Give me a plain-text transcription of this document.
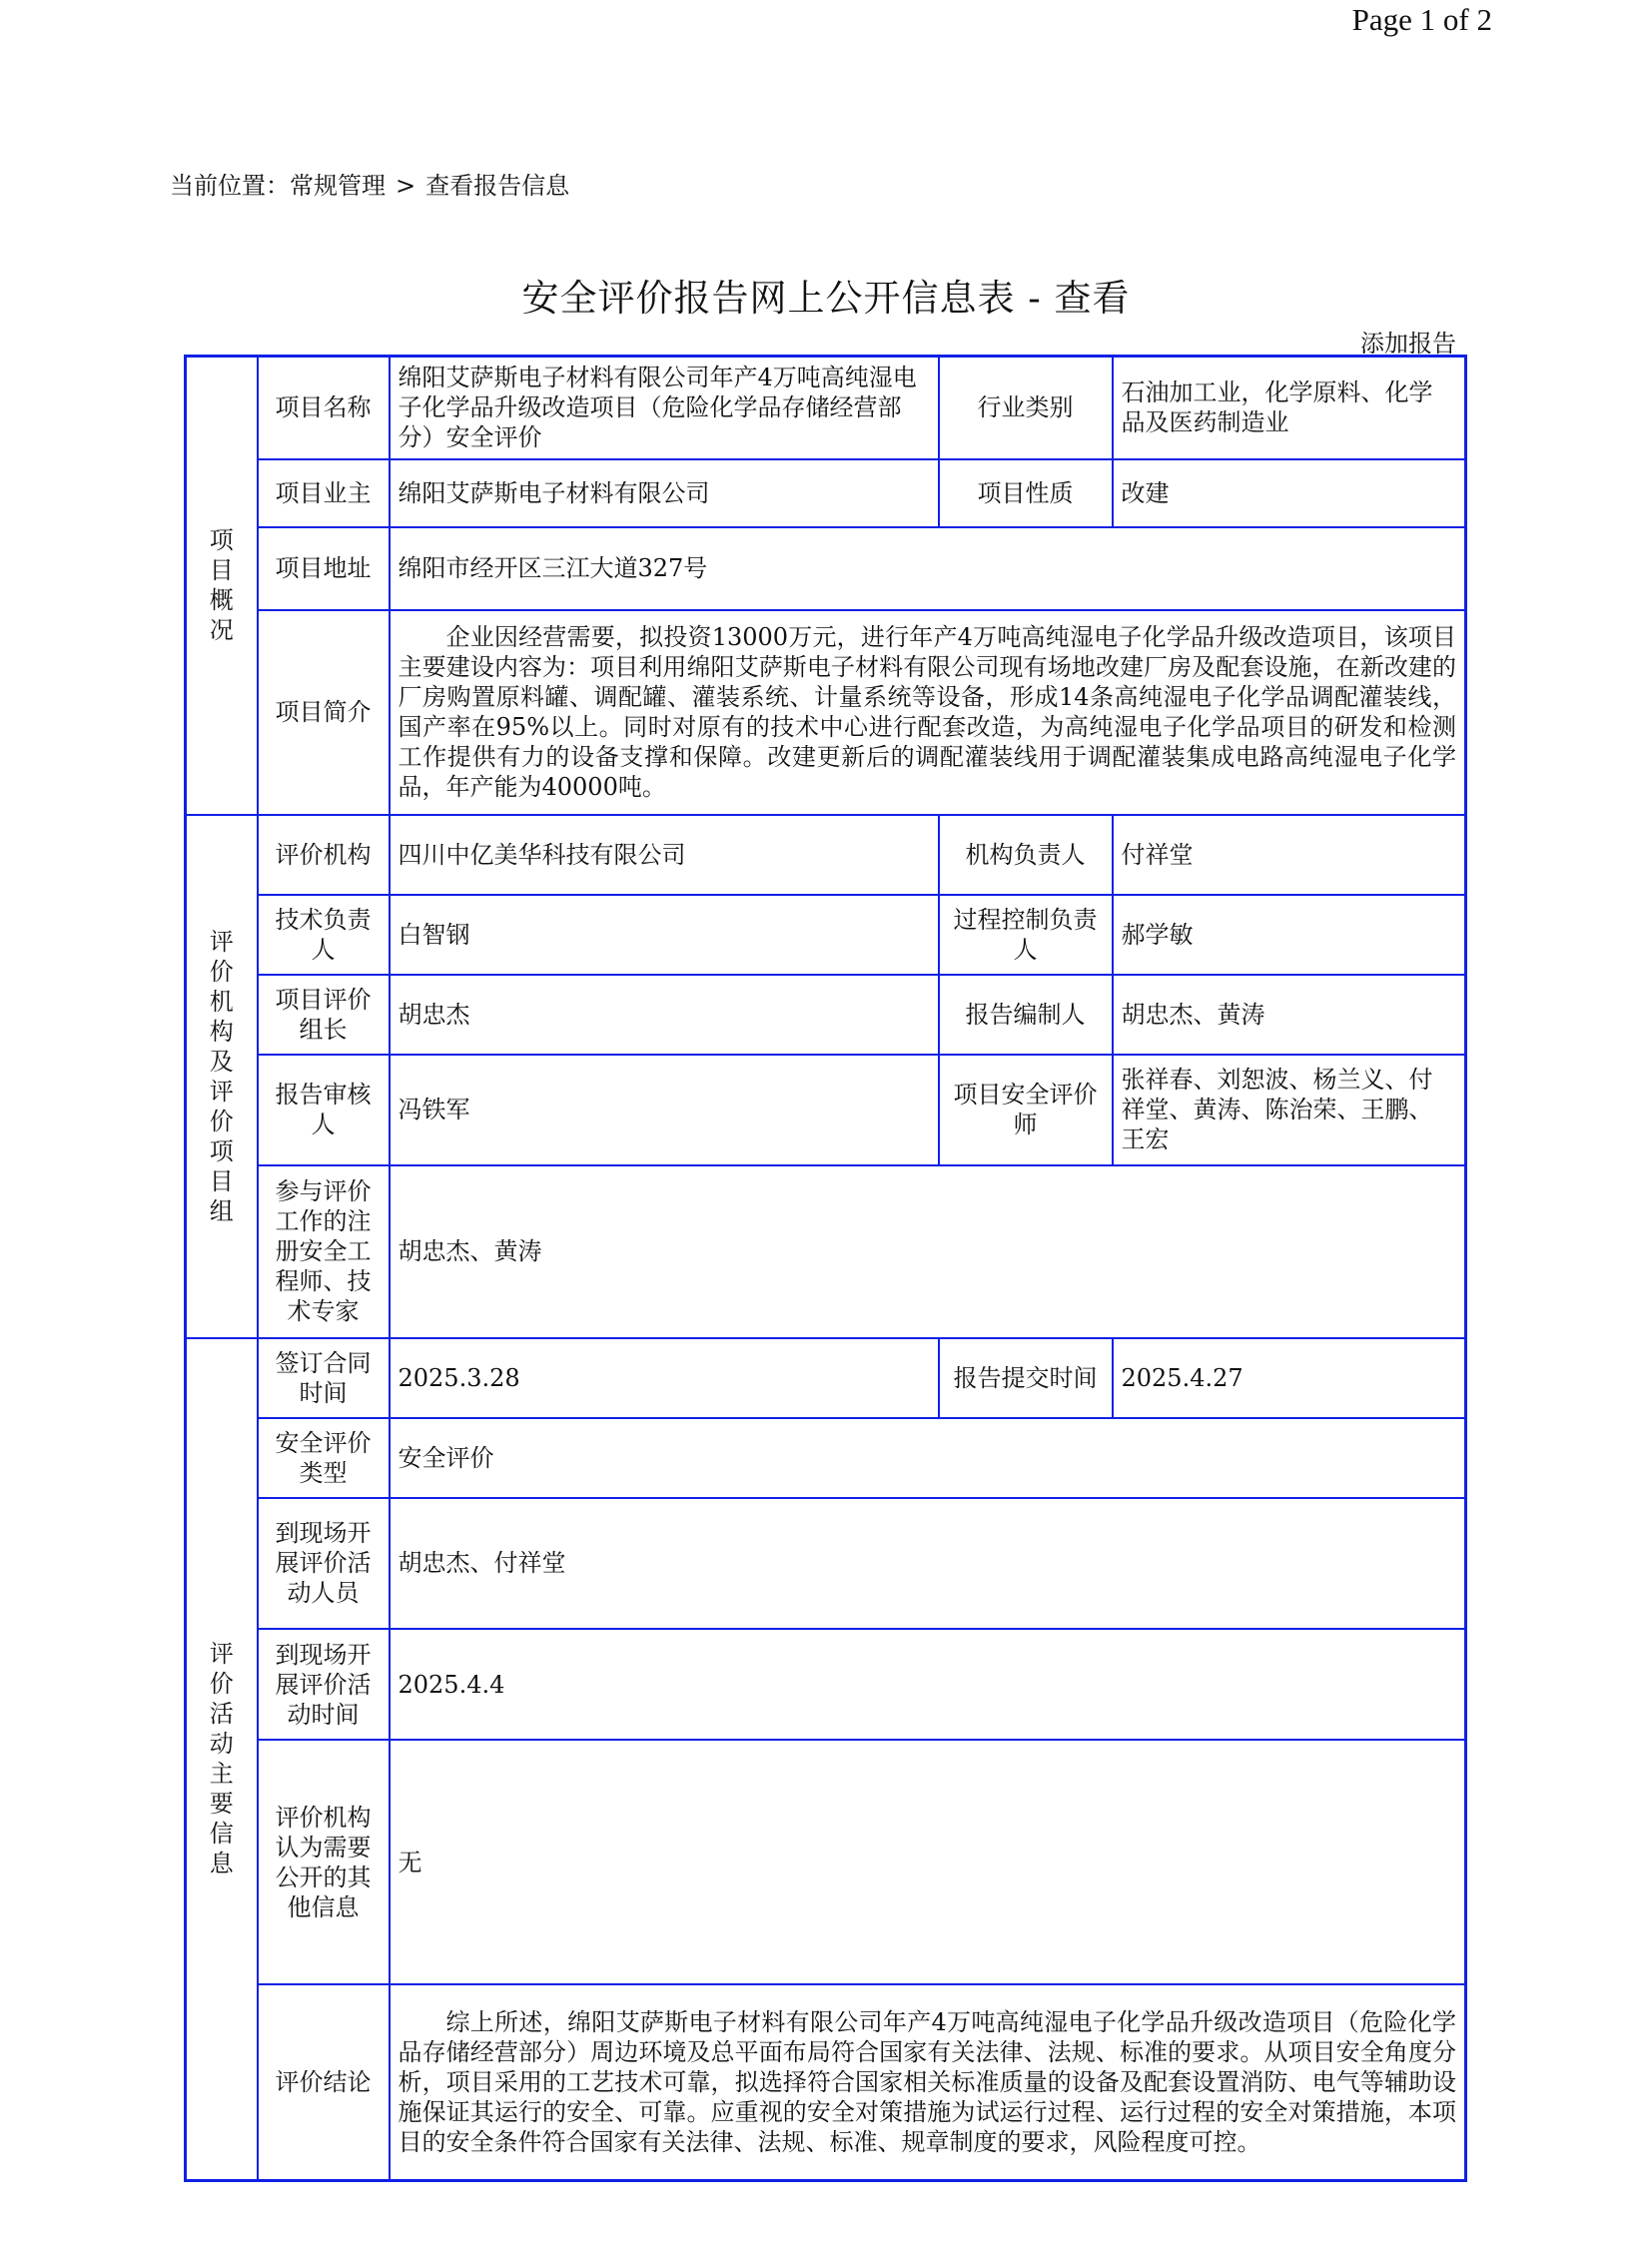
Page 1 of 2
当前位置：常规管理 > 查看报告信息
安全评价报告网上公开信息表 - 查看
添加报告
项目概况	项目名称	绵阳艾萨斯电子材料有限公司年产4万吨高纯湿电子化学品升级改造项目（危险化学品存储经营部分）安全评价	行业类别	石油加工业，化学原料、化学品及医药制造业
	项目业主	绵阳艾萨斯电子材料有限公司	项目性质	改建
	项目地址	绵阳市经开区三江大道327号		
	项目简介	企业因经营需要，拟投资13000万元，进行年产4万吨高纯湿电子化学品升级改造项目，该项目主要建设内容为：项目利用绵阳艾萨斯电子材料有限公司现有场地改建厂房及配套设施，在新改建的厂房购置原料罐、调配罐、灌装系统、计量系统等设备，形成14条高纯湿电子化学品调配灌装线，国产率在95%以上。同时对原有的技术中心进行配套改造，为高纯湿电子化学品项目的研发和检测工作提供有力的设备支撑和保障。改建更新后的调配灌装线用于调配灌装集成电路高纯湿电子化学品，年产能为40000吨。		
评价机构及评价项目组	评价机构	四川中亿美华科技有限公司	机构负责人	付祥堂
	技术负责人	白智钢	过程控制负责人	郝学敏
	项目评价组长	胡忠杰	报告编制人	胡忠杰、黄涛
	报告审核人	冯铁军	项目安全评价师	张祥春、刘恕波、杨兰义、付祥堂、黄涛、陈治荣、王鹏、王宏
	参与评价工作的注册安全工程师、技术专家	胡忠杰、黄涛		
评价活动主要信息	签订合同时间	2025.3.28	报告提交时间	2025.4.27
	安全评价类型	安全评价		
	到现场开展评价活动人员	胡忠杰、付祥堂		
	到现场开展评价活动时间	2025.4.4		
	评价机构认为需要公开的其他信息	无		
	评价结论	综上所述，绵阳艾萨斯电子材料有限公司年产4万吨高纯湿电子化学品升级改造项目（危险化学品存储经营部分）周边环境及总平面布局符合国家有关法律、法规、标准的要求。从项目安全角度分析，项目采用的工艺技术可靠，拟选择符合国家相关标准质量的设备及配套设置消防、电气等辅助设施保证其运行的安全、可靠。应重视的安全对策措施为试运行过程、运行过程的安全对策措施，本项目的安全条件符合国家有关法律、法规、标准、规章制度的要求，风险程度可控。		
